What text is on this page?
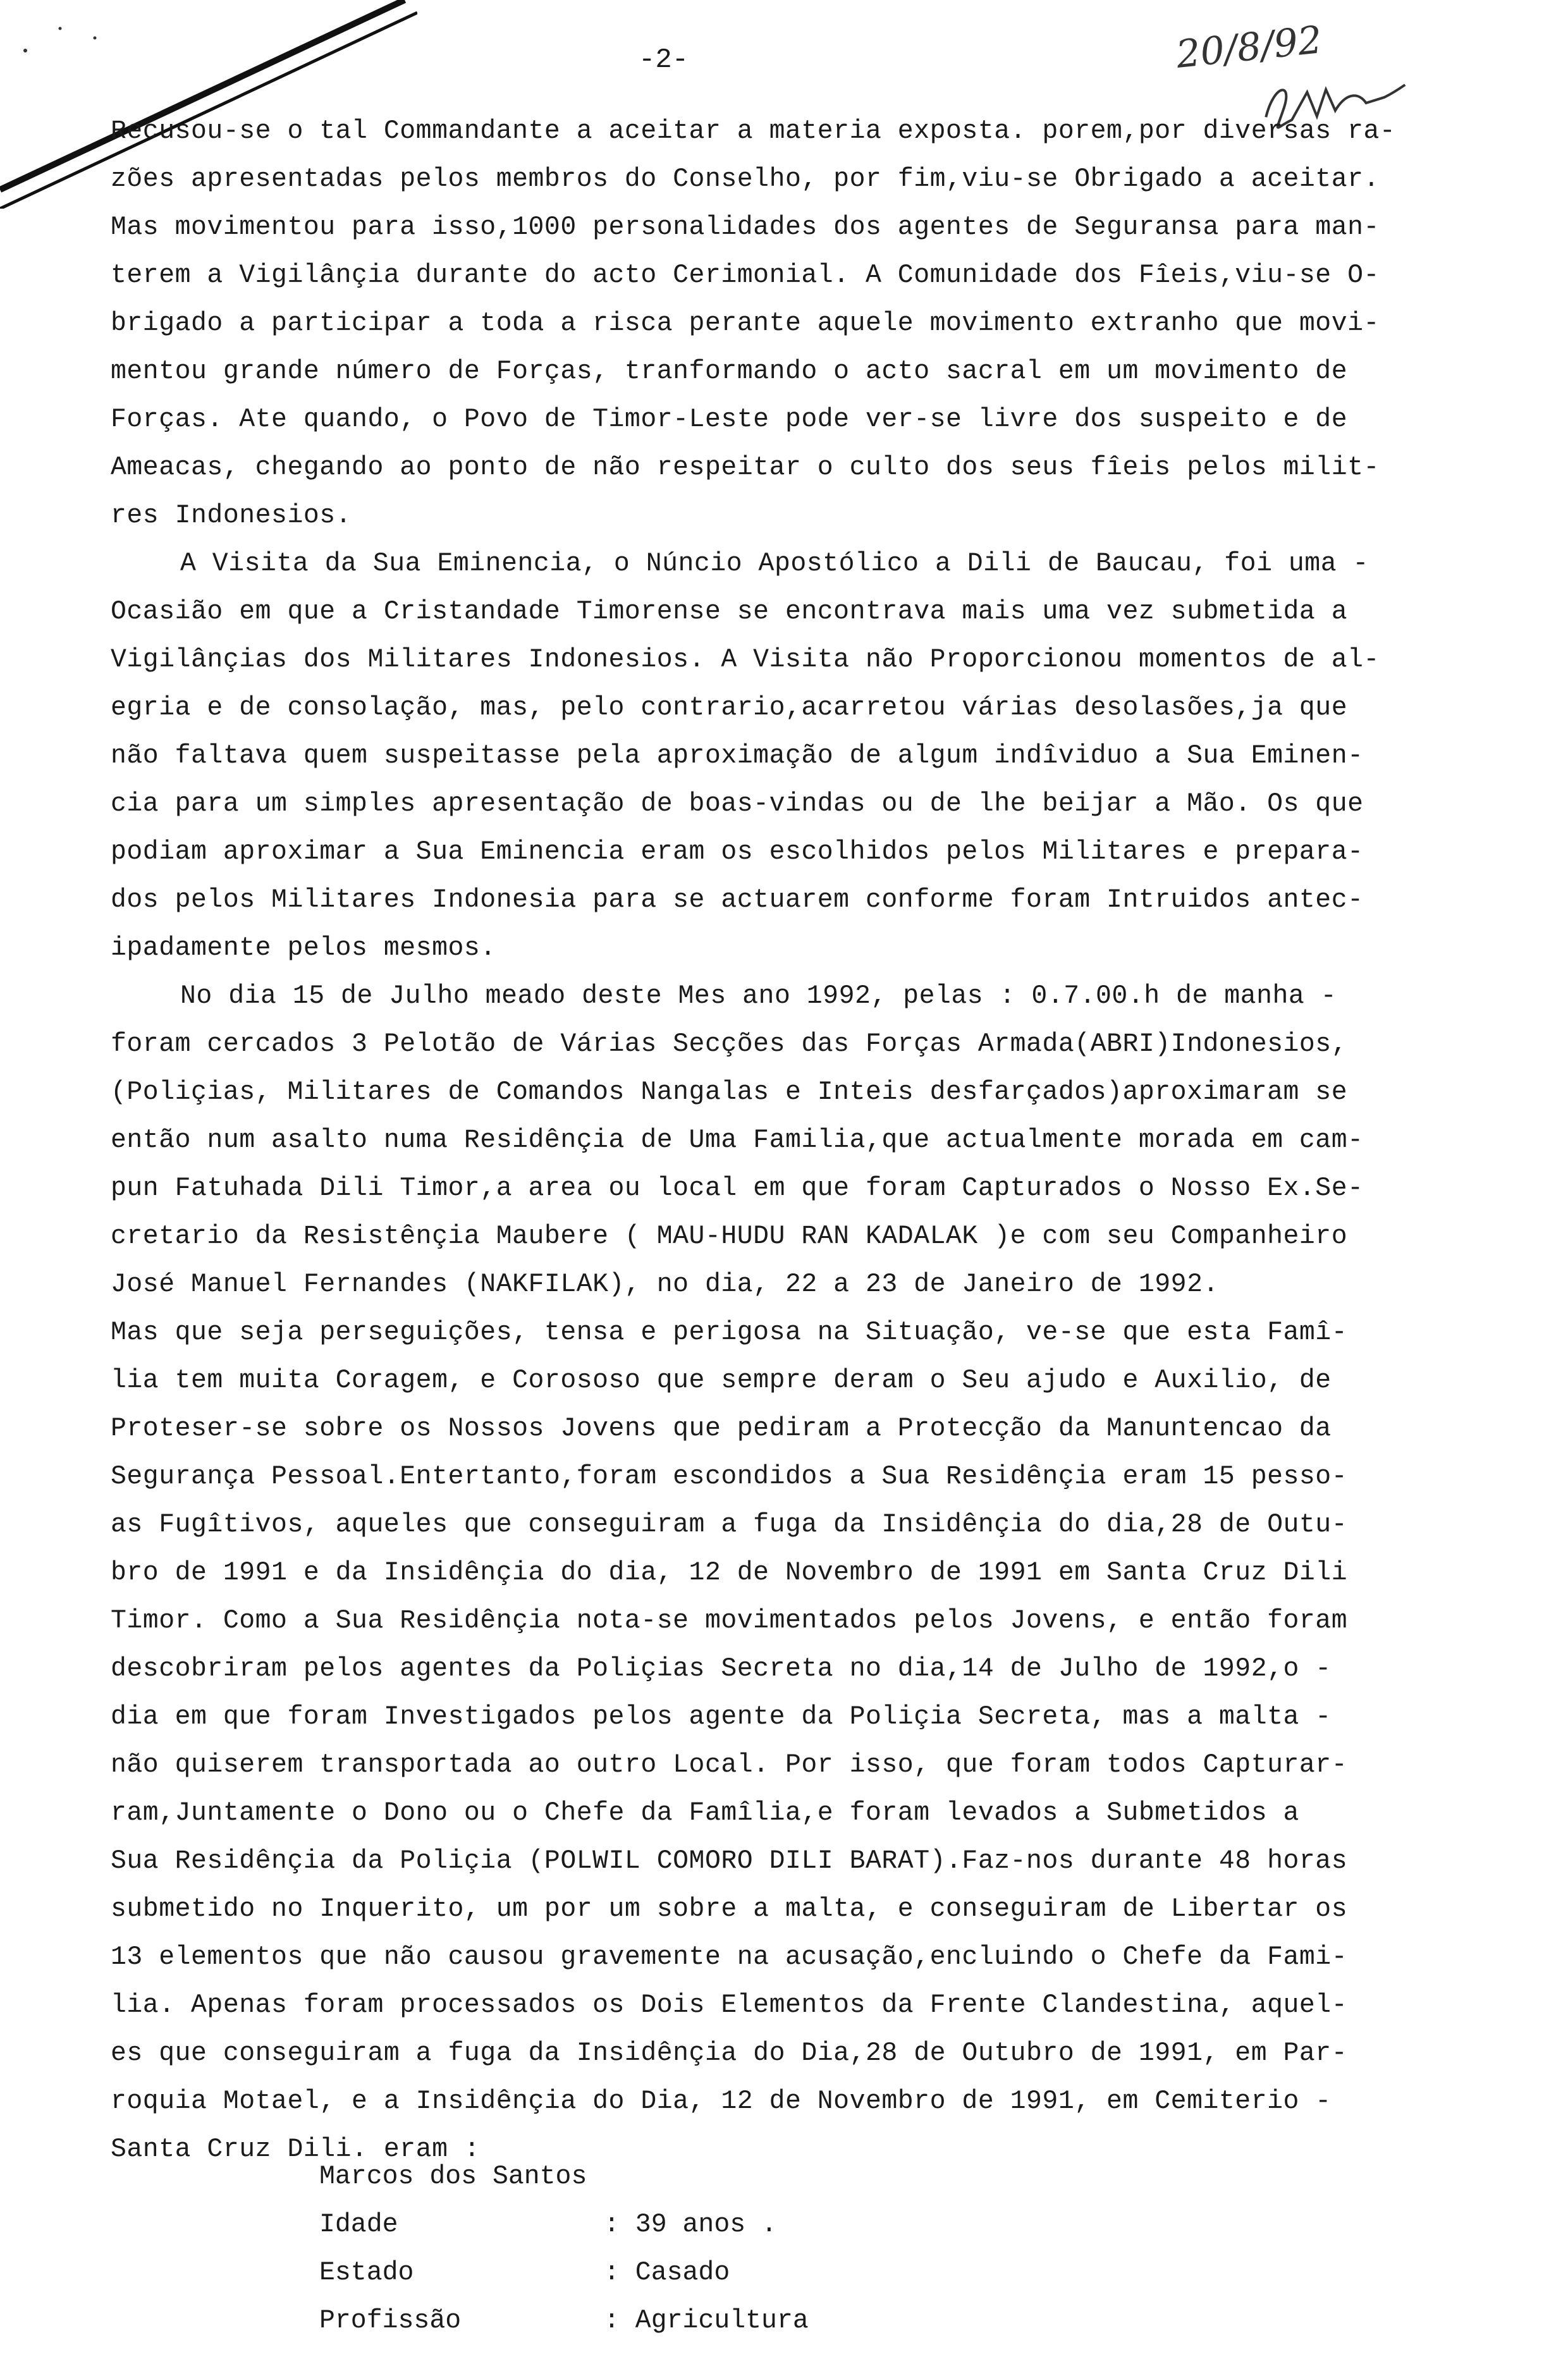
-2-	20/8/92

Recusou-se o tal Commandante a aceitar a materia exposta. porem,por diversas ra-
zões apresentadas pelos membros do Conselho, por fim,viu-se Obrigado a aceitar.
Mas movimentou para isso,1000 personalidades dos agentes de Seguransa para man-
terem a Vigilânçia durante do acto Cerimonial. A Comunidade dos Fîeis,viu-se O-
brigado a participar a toda a risca perante aquele movimento extranho que movi-
mentou grande número de Forças, tranformando o acto sacral em um movimento de
Forças. Ate quando, o Povo de Timor-Leste pode ver-se livre dos suspeito e de
Ameacas, chegando ao ponto de não respeitar o culto dos seus fîeis pelos milit-
res Indonesios.

A Visita da Sua Eminencia, o Núncio Apostólico a Dili de Baucau, foi uma -
Ocasião em que a Cristandade Timorense se encontrava mais uma vez submetida a
Vigilânçias dos Militares Indonesios. A Visita não Proporcionou momentos de al-
egria e de consolação, mas, pelo contrario,acarretou várias desolasões,ja que
não faltava quem suspeitasse pela aproximação de algum indîviduo a Sua Eminen-
cia para um simples apresentação de boas-vindas ou de lhe beijar a Mão. Os que
podiam aproximar a Sua Eminencia eram os escolhidos pelos Militares e prepara-
dos pelos Militares Indonesia para se actuarem conforme foram Intruidos antec-
ipadamente pelos mesmos.

No dia 15 de Julho meado deste Mes ano 1992, pelas : 0.7.00.h de manha -
foram cercados 3 Pelotão de Várias Secções das Forças Armada(ABRI)Indonesios,
(Poliçias, Militares de Comandos Nangalas e Inteis desfarçados)aproximaram se
então num asalto numa Residênçia de Uma Familia,que actualmente morada em cam-
pun Fatuhada Dili Timor,a area ou local em que foram Capturados o Nosso Ex.Se-
cretario da Resistênçia Maubere ( MAU-HUDU RAN KADALAK )e com seu Companheiro
José Manuel Fernandes (NAKFILAK), no dia, 22 a 23 de Janeiro de 1992.

Mas que seja perseguições, tensa e perigosa na Situação, ve-se que esta Famî-
lia tem muita Coragem, e Corososo que sempre deram o Seu ajudo e Auxilio, de
Proteser-se sobre os Nossos Jovens que pediram a Protecção da Manuntencao da
Segurança Pessoal.Entertanto,foram escondidos a Sua Residênçia eram 15 pesso-
as Fugîtivos, aqueles que conseguiram a fuga da Insidênçia do dia,28 de Outu-
bro de 1991 e da Insidênçia do dia, 12 de Novembro de 1991 em Santa Cruz Dili
Timor. Como a Sua Residênçia nota-se movimentados pelos Jovens, e então foram
descobriram pelos agentes da Poliçias Secreta no dia,14 de Julho de 1992,o -
dia em que foram Investigados pelos agente da Poliçia Secreta, mas a malta -
não quiserem transportada ao outro Local. Por isso, que foram todos Capturar-
ram,Juntamente o Dono ou o Chefe da Famîlia,e foram levados a Submetidos a
Sua Residênçia da Poliçia (POLWIL COMORO DILI BARAT).Faz-nos durante 48 horas
submetido no Inquerito, um por um sobre a malta, e conseguiram de Libertar os
13 elementos que não causou gravemente na acusação,encluindo o Chefe da Fami-
lia. Apenas foram processados os Dois Elementos da Frente Clandestina, aquel-
es que conseguiram a fuga da Insidênçia do Dia,28 de Outubro de 1991, em Par-
roquia Motael, e a Insidênçia do Dia, 12 de Novembro de 1991, em Cemiterio -
Santa Cruz Dili. eram :

Marcos dos Santos
Idade	: 39 anos .
Estado	: Casado
Profissão	: Agricultura
